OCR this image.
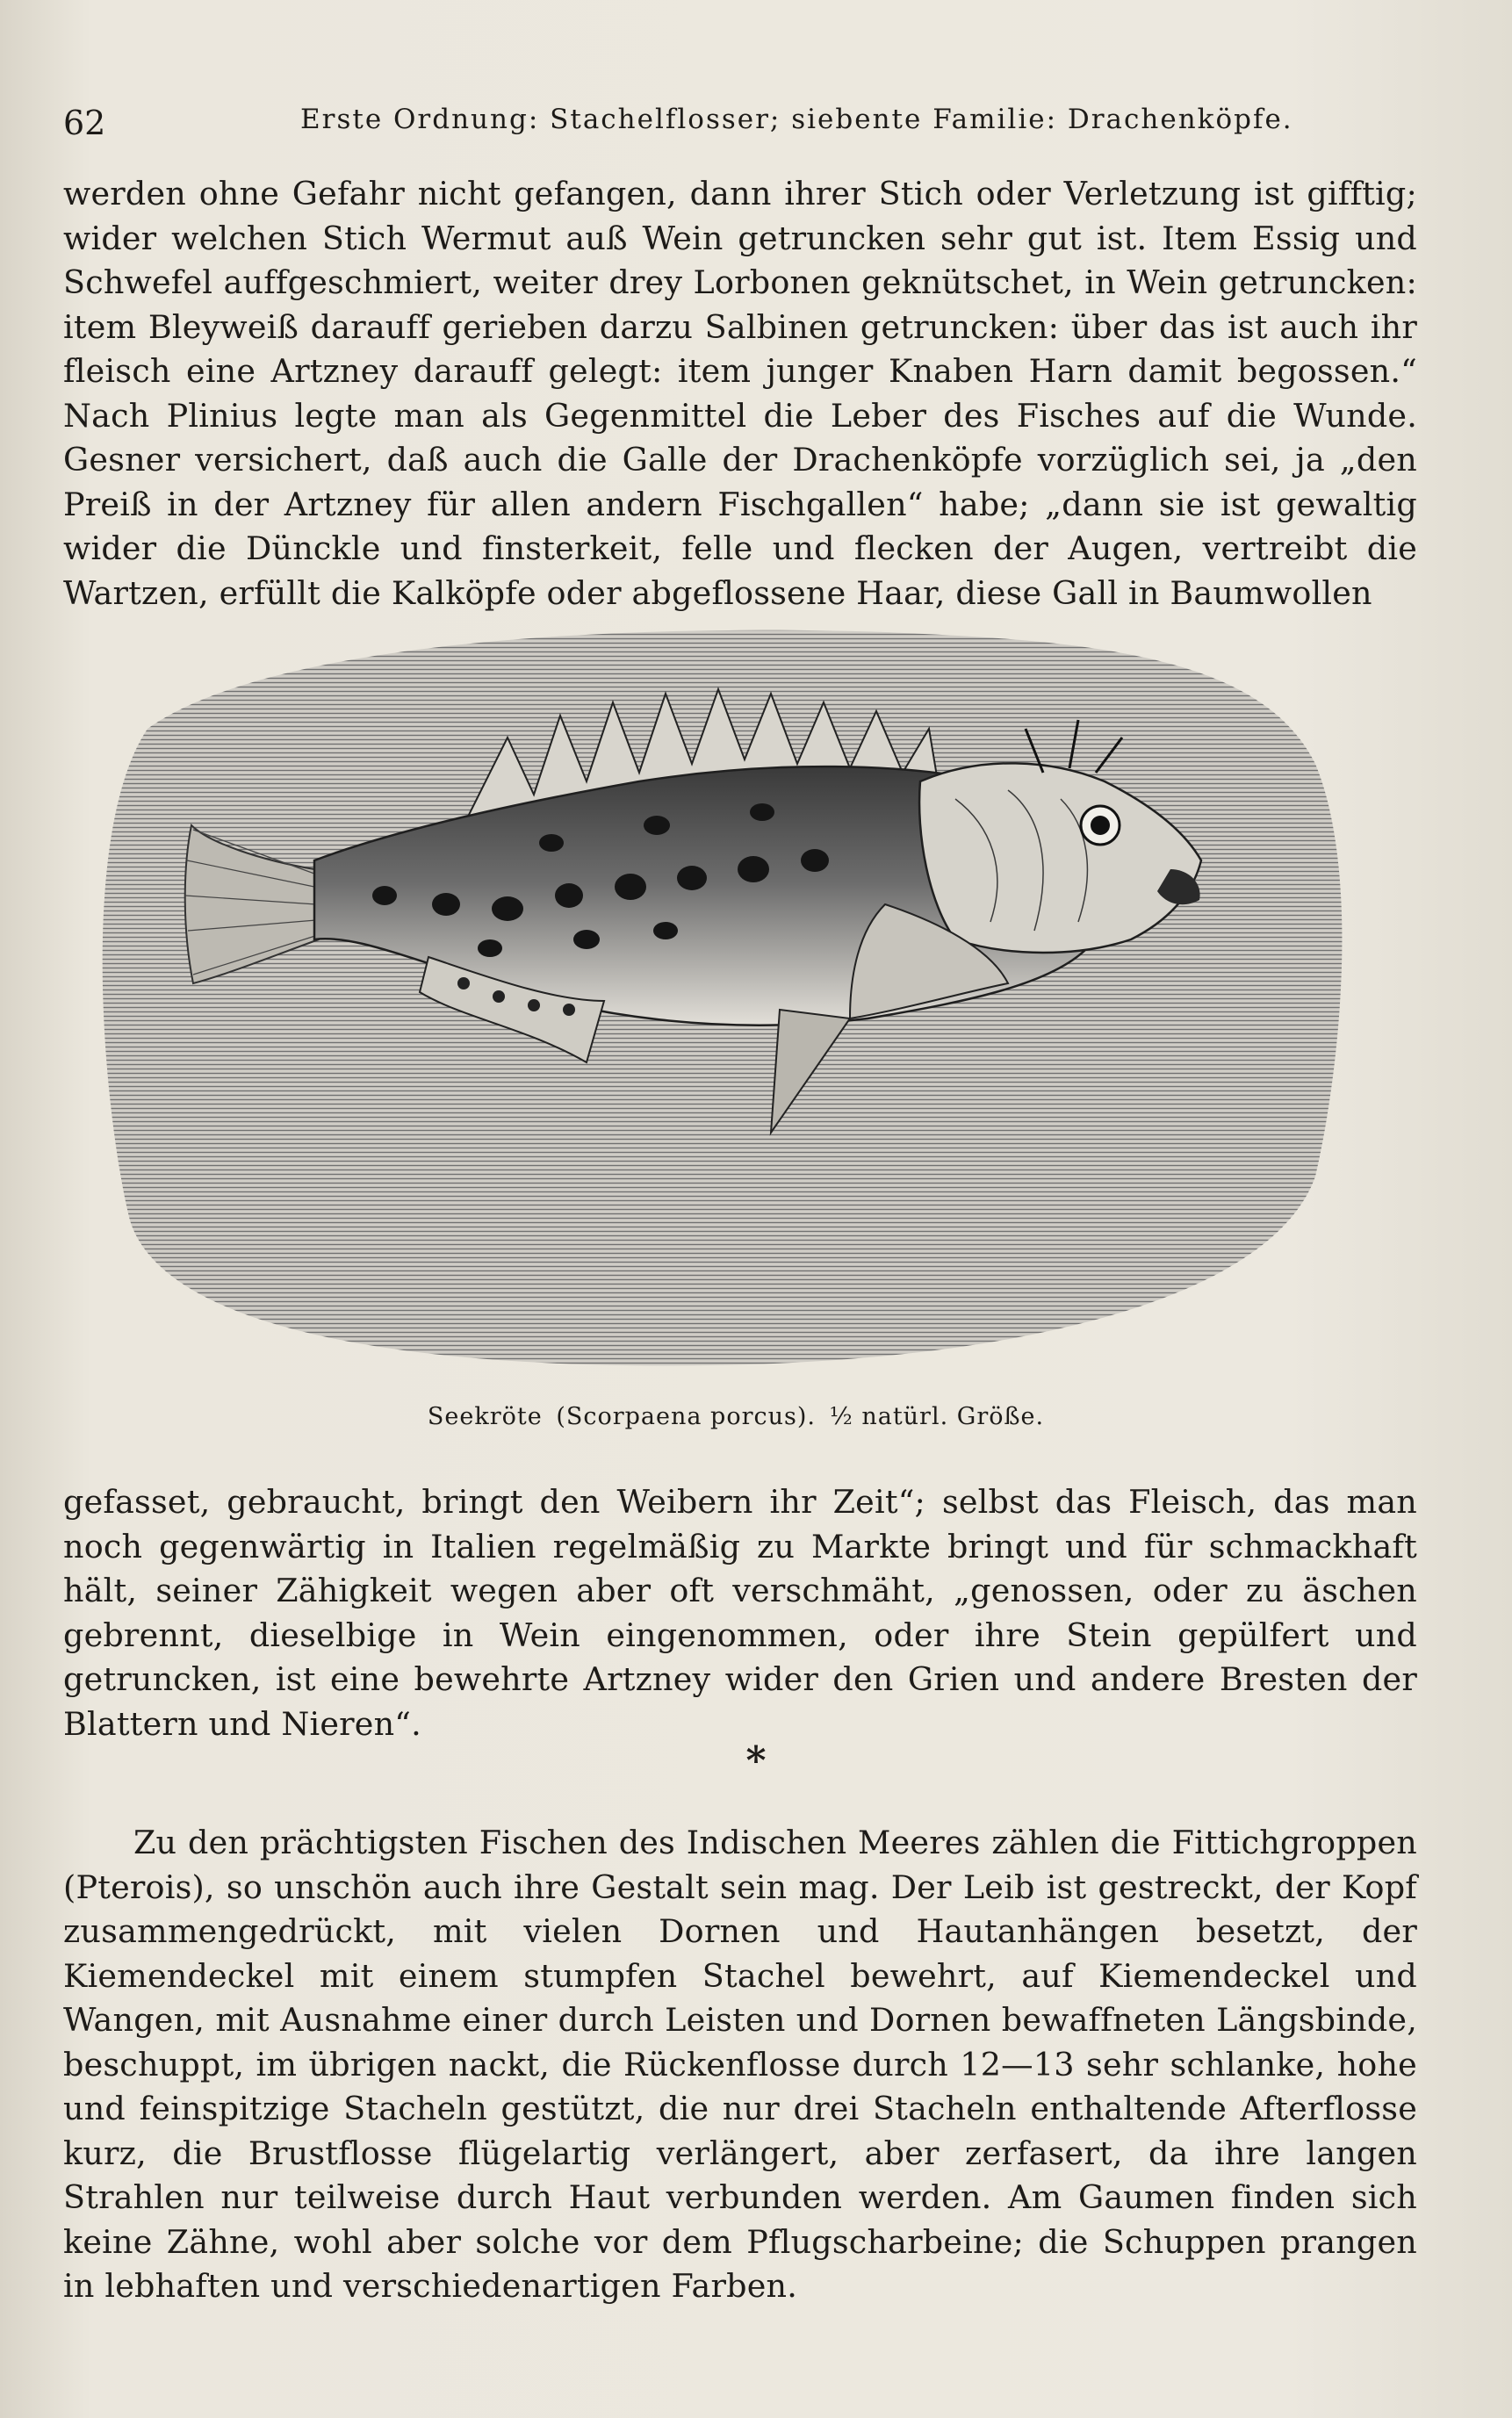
62	Erste Ordnung: Stachelflosser; siebente Familie: Drachenköpfe.

werden ohne Gefahr nicht gefangen, dann ihrer Stich oder Verletzung ist gifftig; wider welchen Stich Wermut auß Wein getruncken sehr gut ist. Item Essig und Schwefel auffgeschmiert, weiter drey Lorbonen geknütschet, in Wein getruncken: item Bleyweiß darauff gerieben darzu Salbinen getruncken: über das ist auch ihr fleisch eine Artzney darauff gelegt: item junger Knaben Harn damit begossen.“ Nach Plinius legte man als Gegenmittel die Leber des Fisches auf die Wunde. Gesner versichert, daß auch die Galle der Drachenköpfe vorzüglich sei, ja „den Preiß in der Artzney für allen andern Fischgallen“ habe; „dann sie ist gewaltig wider die Dünckle und finsterkeit, felle und flecken der Augen, vertreibt die Wartzen, erfüllt die Kalköpfe oder abgeflossene Haar, diese Gall in Baumwollen

Seekröte (Scorpaena porcus). ½ natürl. Größe.

gefasset, gebraucht, bringt den Weibern ihr Zeit“; selbst das Fleisch, das man noch gegenwärtig in Italien regelmäßig zu Markte bringt und für schmackhaft hält, seiner Zähigkeit wegen aber oft verschmäht, „genossen, oder zu äschen gebrennt, dieselbige in Wein eingenommen, oder ihre Stein gepülfert und getruncken, ist eine bewehrte Artzney wider den Grien und andere Bresten der Blattern und Nieren“.

*

Zu den prächtigsten Fischen des Indischen Meeres zählen die Fittichgroppen (Pterois), so unschön auch ihre Gestalt sein mag. Der Leib ist gestreckt, der Kopf zusammengedrückt, mit vielen Dornen und Hautanhängen besetzt, der Kiemendeckel mit einem stumpfen Stachel bewehrt, auf Kiemendeckel und Wangen, mit Ausnahme einer durch Leisten und Dornen bewaffneten Längsbinde, beschuppt, im übrigen nackt, die Rückenflosse durch 12—13 sehr schlanke, hohe und feinspitzige Stacheln gestützt, die nur drei Stacheln enthaltende Afterflosse kurz, die Brustflosse flügelartig verlängert, aber zerfasert, da ihre langen Strahlen nur teilweise durch Haut verbunden werden. Am Gaumen finden sich keine Zähne, wohl aber solche vor dem Pflugscharbeine; die Schuppen prangen in lebhaften und verschiedenartigen Farben.
